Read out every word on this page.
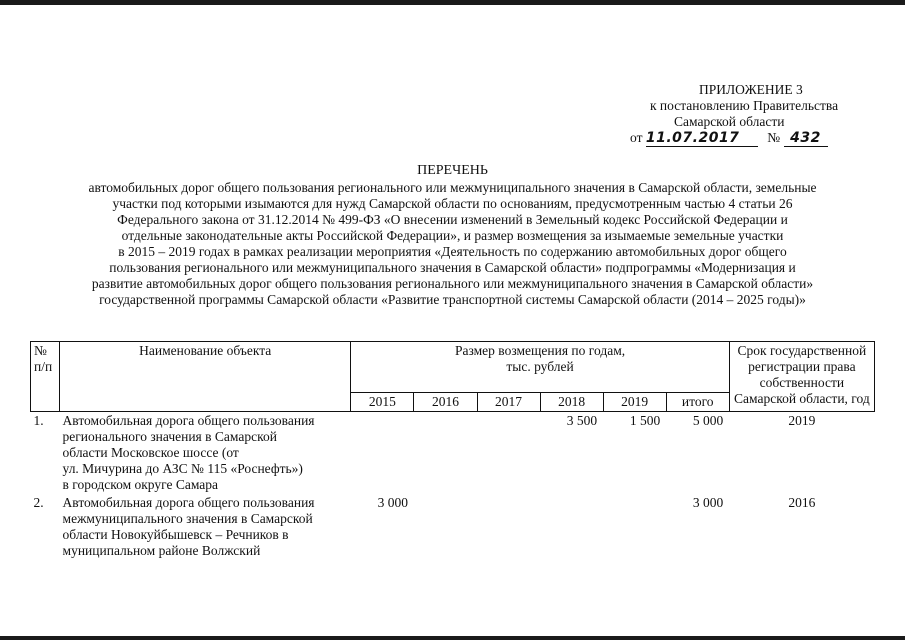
ПРИЛОЖЕНИЕ 3
к постановлению Правительства
Самарской области
от 11.07.2017 № 432
ПЕРЕЧЕНЬ
автомобильных дорог общего пользования регионального или межмуниципального значения в Самарской области, земельные
участки под которыми изымаются для нужд Самарской области по основаниям, предусмотренным частью 4 статьи 26
Федерального закона от 31.12.2014 № 499-ФЗ «О внесении изменений в Земельный кодекс Российской Федерации и
отдельные законодательные акты Российской Федерации», и размер возмещения за изымаемые земельные участки
в 2015 – 2019 годах в рамках реализации мероприятия «Деятельность по содержанию автомобильных дорог общего
пользования регионального или межмуниципального значения в Самарской области» подпрограммы «Модернизация и
развитие автомобильных дорог общего пользования регионального или межмуниципального значения в Самарской области»
государственной программы Самарской области «Развитие транспортной системы Самарской области (2014 – 2025 годы)»
№
п/п	Наименование объекта	Размер возмещения по годам,
тыс. рублей						Срок государственной регистрации права собственности Самарской области, год
		2015	2016	2017	2018	2019	итого	
1.	Автомобильная дорога общего пользования
регионального значения в Самарской
области Московское шоссе (от
ул. Мичурина до АЗС № 115 «Роснефть»)
в городском округе Самара				3 500	1 500	5 000	2019
2.	Автомобильная дорога общего пользования
межмуниципального значения в Самарской
области Новокуйбышевск – Речников в
муниципальном районе Волжский	3 000					3 000	2016
